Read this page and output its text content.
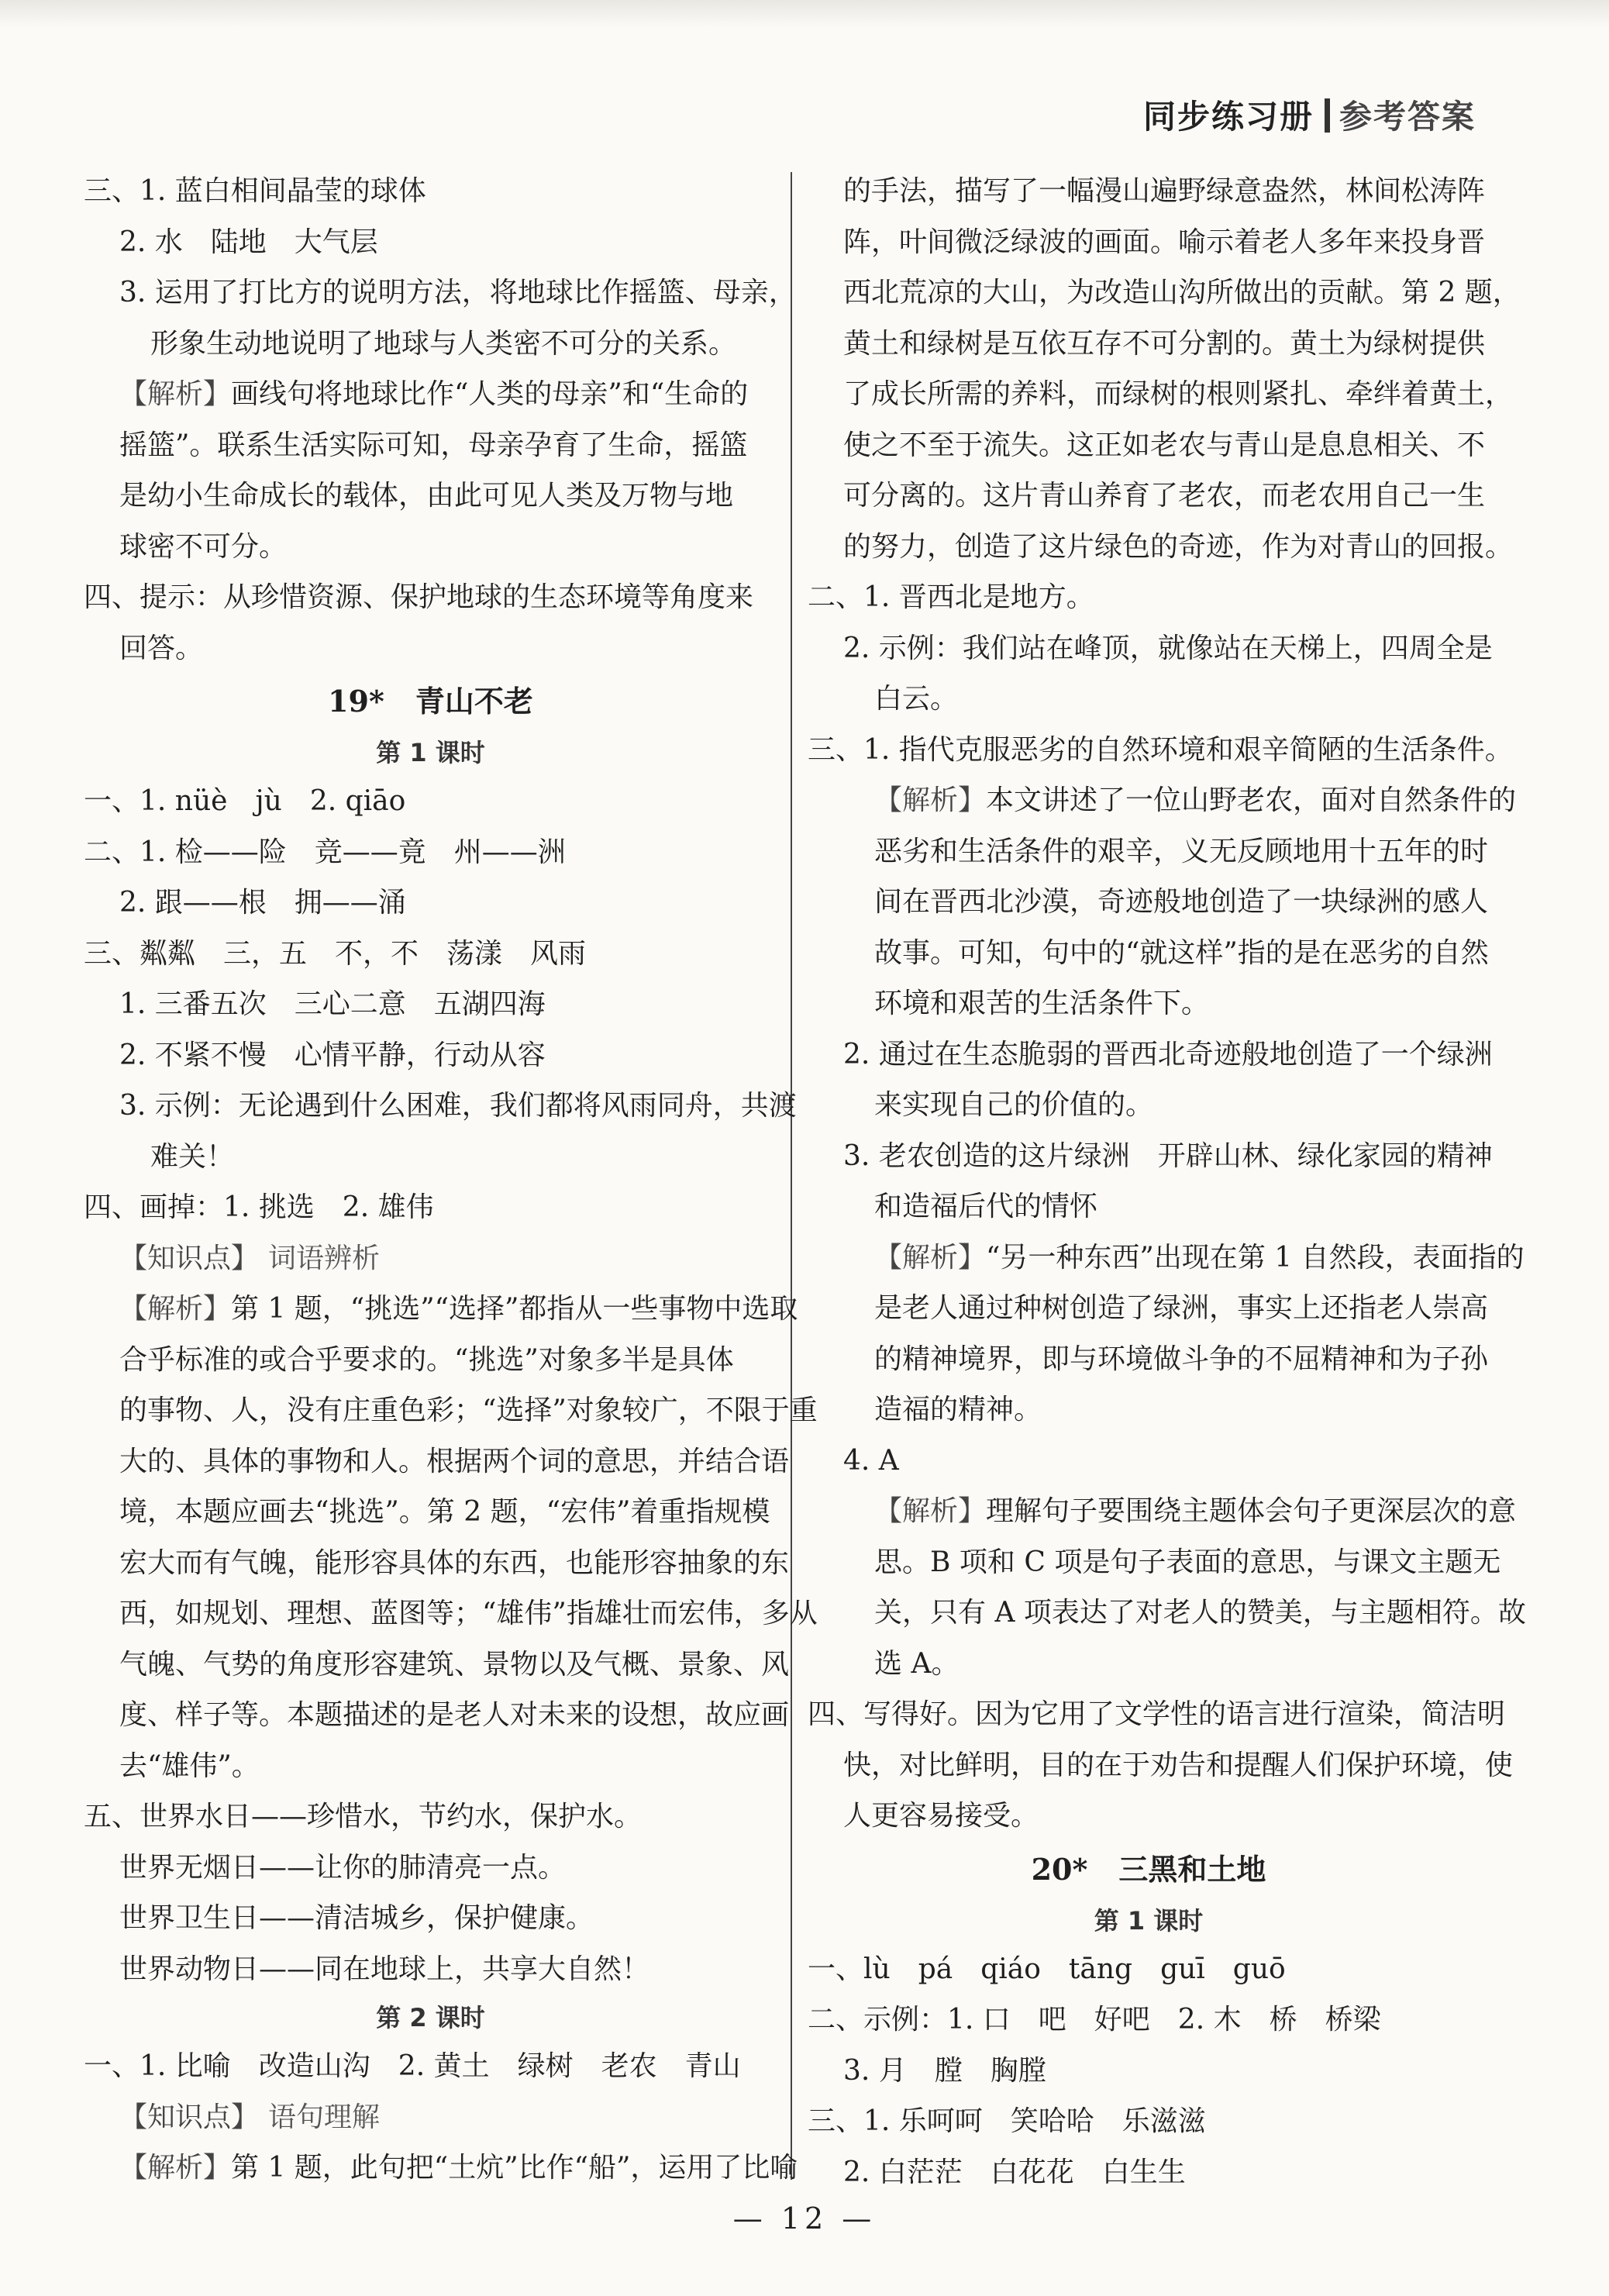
同步练习册 参考答案
三、1. 蓝白相间晶莹的球体
2. 水　陆地　大气层
3. 运用了打比方的说明方法，将地球比作摇篮、母亲，
形象生动地说明了地球与人类密不可分的关系。
【解析】画线句将地球比作“人类的母亲”和“生命的
摇篮”。联系生活实际可知，母亲孕育了生命，摇篮
是幼小生命成长的载体，由此可见人类及万物与地
球密不可分。
四、提示：从珍惜资源、保护地球的生态环境等角度来
回答。
19* 青山不老
第 1 课时
一、1. nüè　jù　2. qiāo
二、1. 检——险　竞——竟　州——洲
2. 跟——根　拥——涌
三、粼粼　三，五　不，不　荡漾　风雨
1. 三番五次　三心二意　五湖四海
2. 不紧不慢　心情平静，行动从容
3. 示例：无论遇到什么困难，我们都将风雨同舟，共渡
难关！
四、画掉：1. 挑选　2. 雄伟
【知识点】 词语辨析
【解析】第 1 题，“挑选”“选择”都指从一些事物中选取
合乎标准的或合乎要求的。“挑选”对象多半是具体
的事物、人，没有庄重色彩；“选择”对象较广，不限于重
大的、具体的事物和人。根据两个词的意思，并结合语
境，本题应画去“挑选”。第 2 题，“宏伟”着重指规模
宏大而有气魄，能形容具体的东西，也能形容抽象的东
西，如规划、理想、蓝图等；“雄伟”指雄壮而宏伟，多从
气魄、气势的角度形容建筑、景物以及气概、景象、风
度、样子等。本题描述的是老人对未来的设想，故应画
去“雄伟”。
五、世界水日——珍惜水，节约水，保护水。
世界无烟日——让你的肺清亮一点。
世界卫生日——清洁城乡，保护健康。
世界动物日——同在地球上，共享大自然！
第 2 课时
一、1. 比喻　改造山沟　2. 黄土　绿树　老农　青山
【知识点】 语句理解
【解析】第 1 题，此句把“土炕”比作“船”，运用了比喻
的手法，描写了一幅漫山遍野绿意盎然，林间松涛阵
阵，叶间微泛绿波的画面。喻示着老人多年来投身晋
西北荒凉的大山，为改造山沟所做出的贡献。第 2 题，
黄土和绿树是互依互存不可分割的。黄土为绿树提供
了成长所需的养料，而绿树的根则紧扎、牵绊着黄土，
使之不至于流失。这正如老农与青山是息息相关、不
可分离的。这片青山养育了老农，而老农用自己一生
的努力，创造了这片绿色的奇迹，作为对青山的回报。
二、1. 晋西北是地方。
2. 示例：我们站在峰顶，就像站在天梯上，四周全是
白云。
三、1. 指代克服恶劣的自然环境和艰辛简陋的生活条件。
【解析】本文讲述了一位山野老农，面对自然条件的
恶劣和生活条件的艰辛，义无反顾地用十五年的时
间在晋西北沙漠，奇迹般地创造了一块绿洲的感人
故事。可知，句中的“就这样”指的是在恶劣的自然
环境和艰苦的生活条件下。
2. 通过在生态脆弱的晋西北奇迹般地创造了一个绿洲
来实现自己的价值的。
3. 老农创造的这片绿洲　开辟山林、绿化家园的精神
和造福后代的情怀
【解析】“另一种东西”出现在第 1 自然段，表面指的
是老人通过种树创造了绿洲，事实上还指老人崇高
的精神境界，即与环境做斗争的不屈精神和为子孙
造福的精神。
4. A
【解析】理解句子要围绕主题体会句子更深层次的意
思。B 项和 C 项是句子表面的意思，与课文主题无
关，只有 A 项表达了对老人的赞美，与主题相符。故
选 A。
四、写得好。因为它用了文学性的语言进行渲染，简洁明
快，对比鲜明，目的在于劝告和提醒人们保护环境，使
人更容易接受。
20* 三黑和土地
第 1 课时
一、lù　pá　qiáo　tāng　guī　guō
二、示例：1. 口　吧　好吧　2. 木　桥　桥梁
3. 月　膛　胸膛
三、1. 乐呵呵　笑哈哈　乐滋滋
2. 白茫茫　白花花　白生生
— 12 —
